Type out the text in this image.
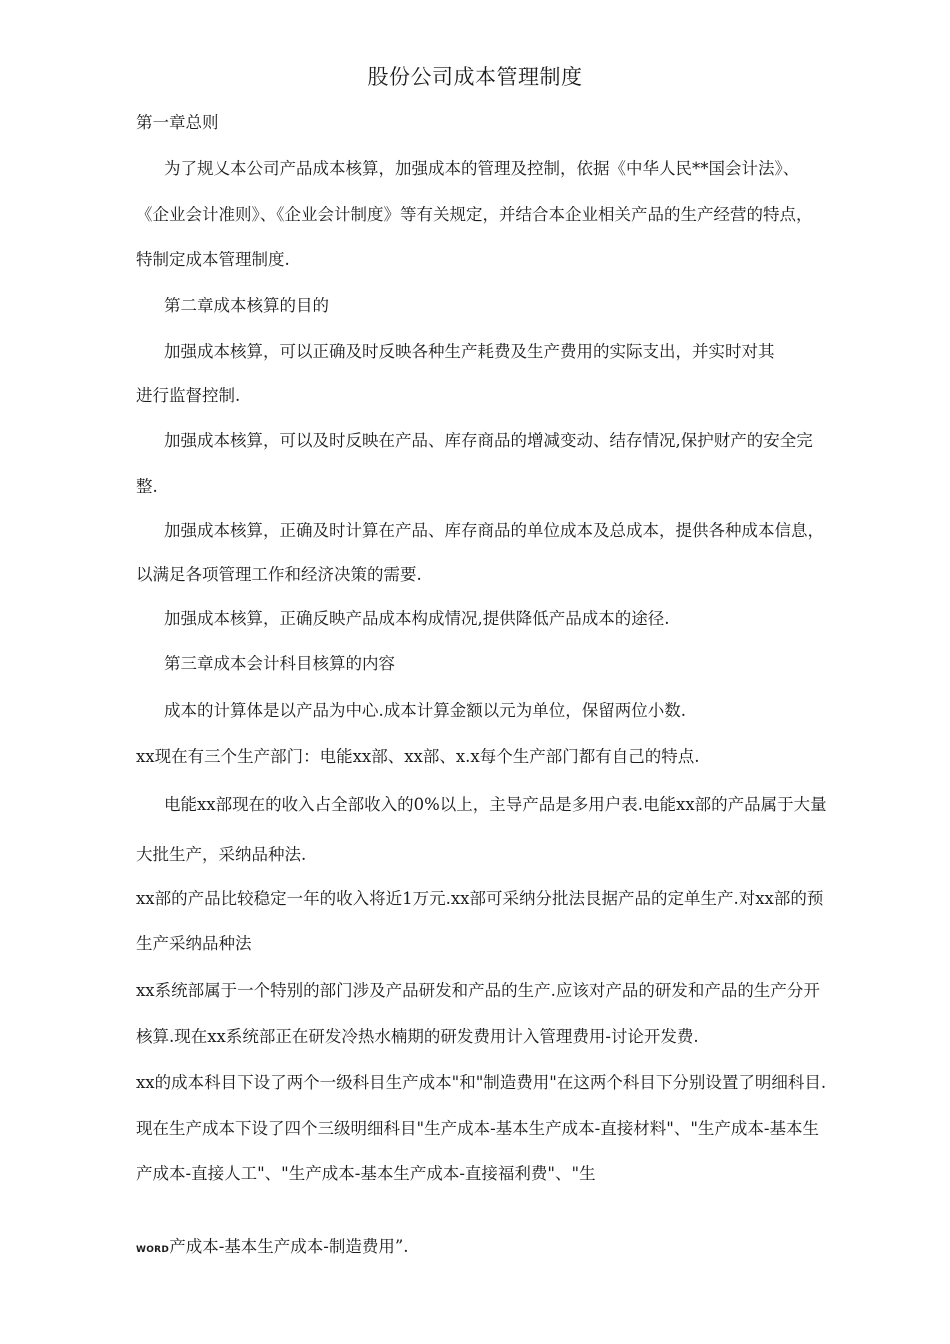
股份公司成本管理制度
第一章总则
为了规乂本公司产品成本核算，加强成本的管理及控制，依据《中华人民**国会计法》、
《企业会计准则》、《企业会计制度》等有关规定，并结合本企业相关产品的生产经营的特点，
特制定成本管理制度.
第二章成本核算的目的
加强成本核算，可以正确及时反映各种生产耗费及生产费用的实际支出，并实时对其
进行监督控制.
加强成本核算，可以及时反映在产品、库存商品的增减变动、结存情况,保护财产的安全完
整.
加强成本核算，正确及时计算在产品、库存商品的单位成本及总成本，提供各种成本信息，
以满足各项管理工作和经济决策的需要.
加强成本核算，正确反映产品成本构成情况,提供降低产品成本的途径.
第三章成本会计科目核算的内容
成本的计算体是以产品为中心.成本计算金额以元为单位，保留两位小数.
xx现在有三个生产部门：电能xx部、xx部、x.x每个生产部门都有自己的特点.
电能xx部现在的收入占全部收入的0%以上，主导产品是多用户表.电能xx部的产品属于大量
大批生产，采纳品种法.
xx部的产品比较稳定一年的收入将近1万元.xx部可采纳分批法艮据产品的定单生产.对xx部的预
生产采纳品种法
xx系统部属于一个特别的部门涉及产品研发和产品的生产.应该对产品的研发和产品的生产分开
核算.现在xx系统部正在研发冷热水楠期的研发费用计入管理费用-讨论开发费.
xx的成本科目下设了两个一级科目生产成本"和"制造费用"在这两个科目下分别设置了明细科目.
现在生产成本下设了四个三级明细科目"生产成本-基本生产成本-直接材料"、"生产成本-基本生
产成本-直接人工"、"生产成本-基本生产成本-直接福利费"、"生
WORD产成本-基本生产成本-制造费用”.
